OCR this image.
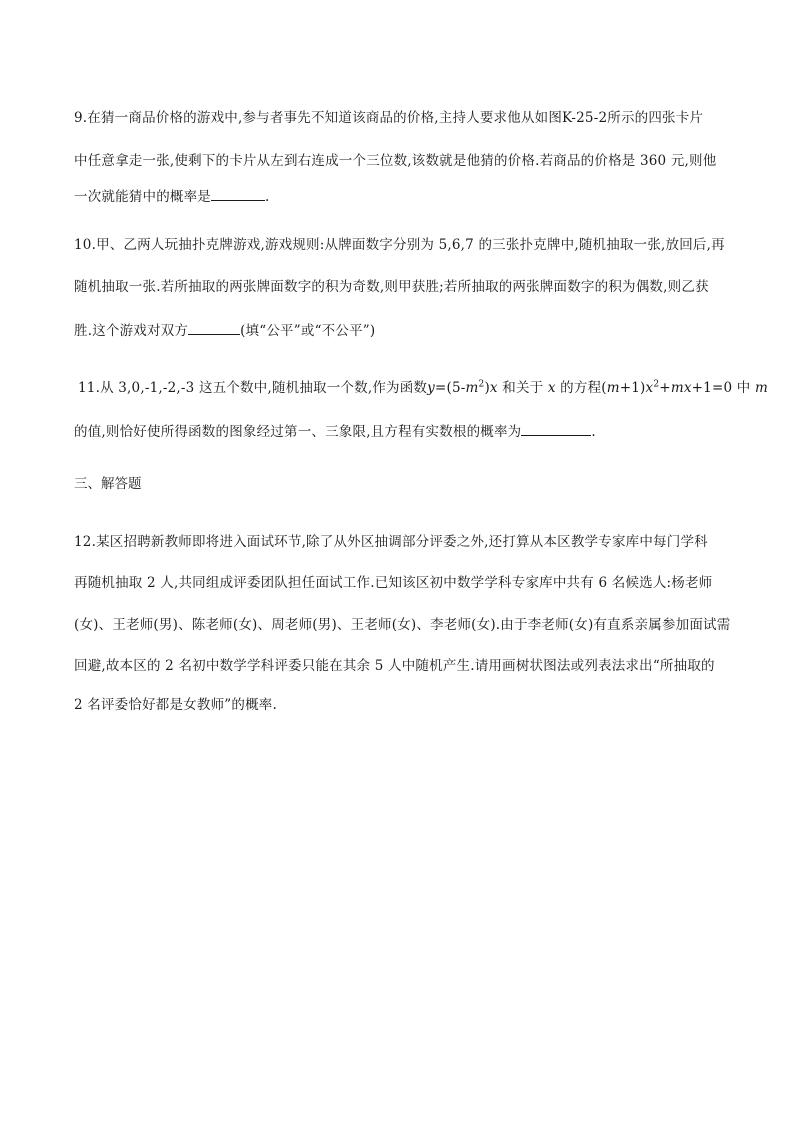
9.在猜一商品价格的游戏中,参与者事先不知道该商品的价格,主持人要求他从如图K-25-2所示的四张卡片
中任意拿走一张,使剩下的卡片从左到右连成一个三位数,该数就是他猜的价格.若商品的价格是 360 元,则他
一次就能猜中的概率是	.
10.甲、乙两人玩抽扑克牌游戏,游戏规则:从牌面数字分别为 5,6,7 的三张扑克牌中,随机抽取一张,放回后,再
随机抽取一张.若所抽取的两张牌面数字的积为奇数,则甲获胜;若所抽取的两张牌面数字的积为偶数,则乙获
胜.这个游戏对双方	(填“公平”或“不公平”)
11.从 3,0,-1,-2,-3 这五个数中,随机抽取一个数,作为函数$y=(5-m^2)x$ 和关于 x 的方程$(m+1)x^2+mx+1=0$ 中 m
的值,则恰好使所得函数的图象经过第一、三象限,且方程有实数根的概率为	.
三、解答题
12.某区招聘新教师即将进入面试环节,除了从外区抽调部分评委之外,还打算从本区教学专家库中每门学科
再随机抽取 2 人,共同组成评委团队担任面试工作.已知该区初中数学学科专家库中共有 6 名候选人:杨老师
(女)、王老师(男)、陈老师(女)、周老师(男)、王老师(女)、李老师(女).由于李老师(女)有直系亲属参加面试需
回避,故本区的 2 名初中数学学科评委只能在其余 5 人中随机产生.请用画树状图法或列表法求出“所抽取的
2 名评委恰好都是女教师”的概率.
